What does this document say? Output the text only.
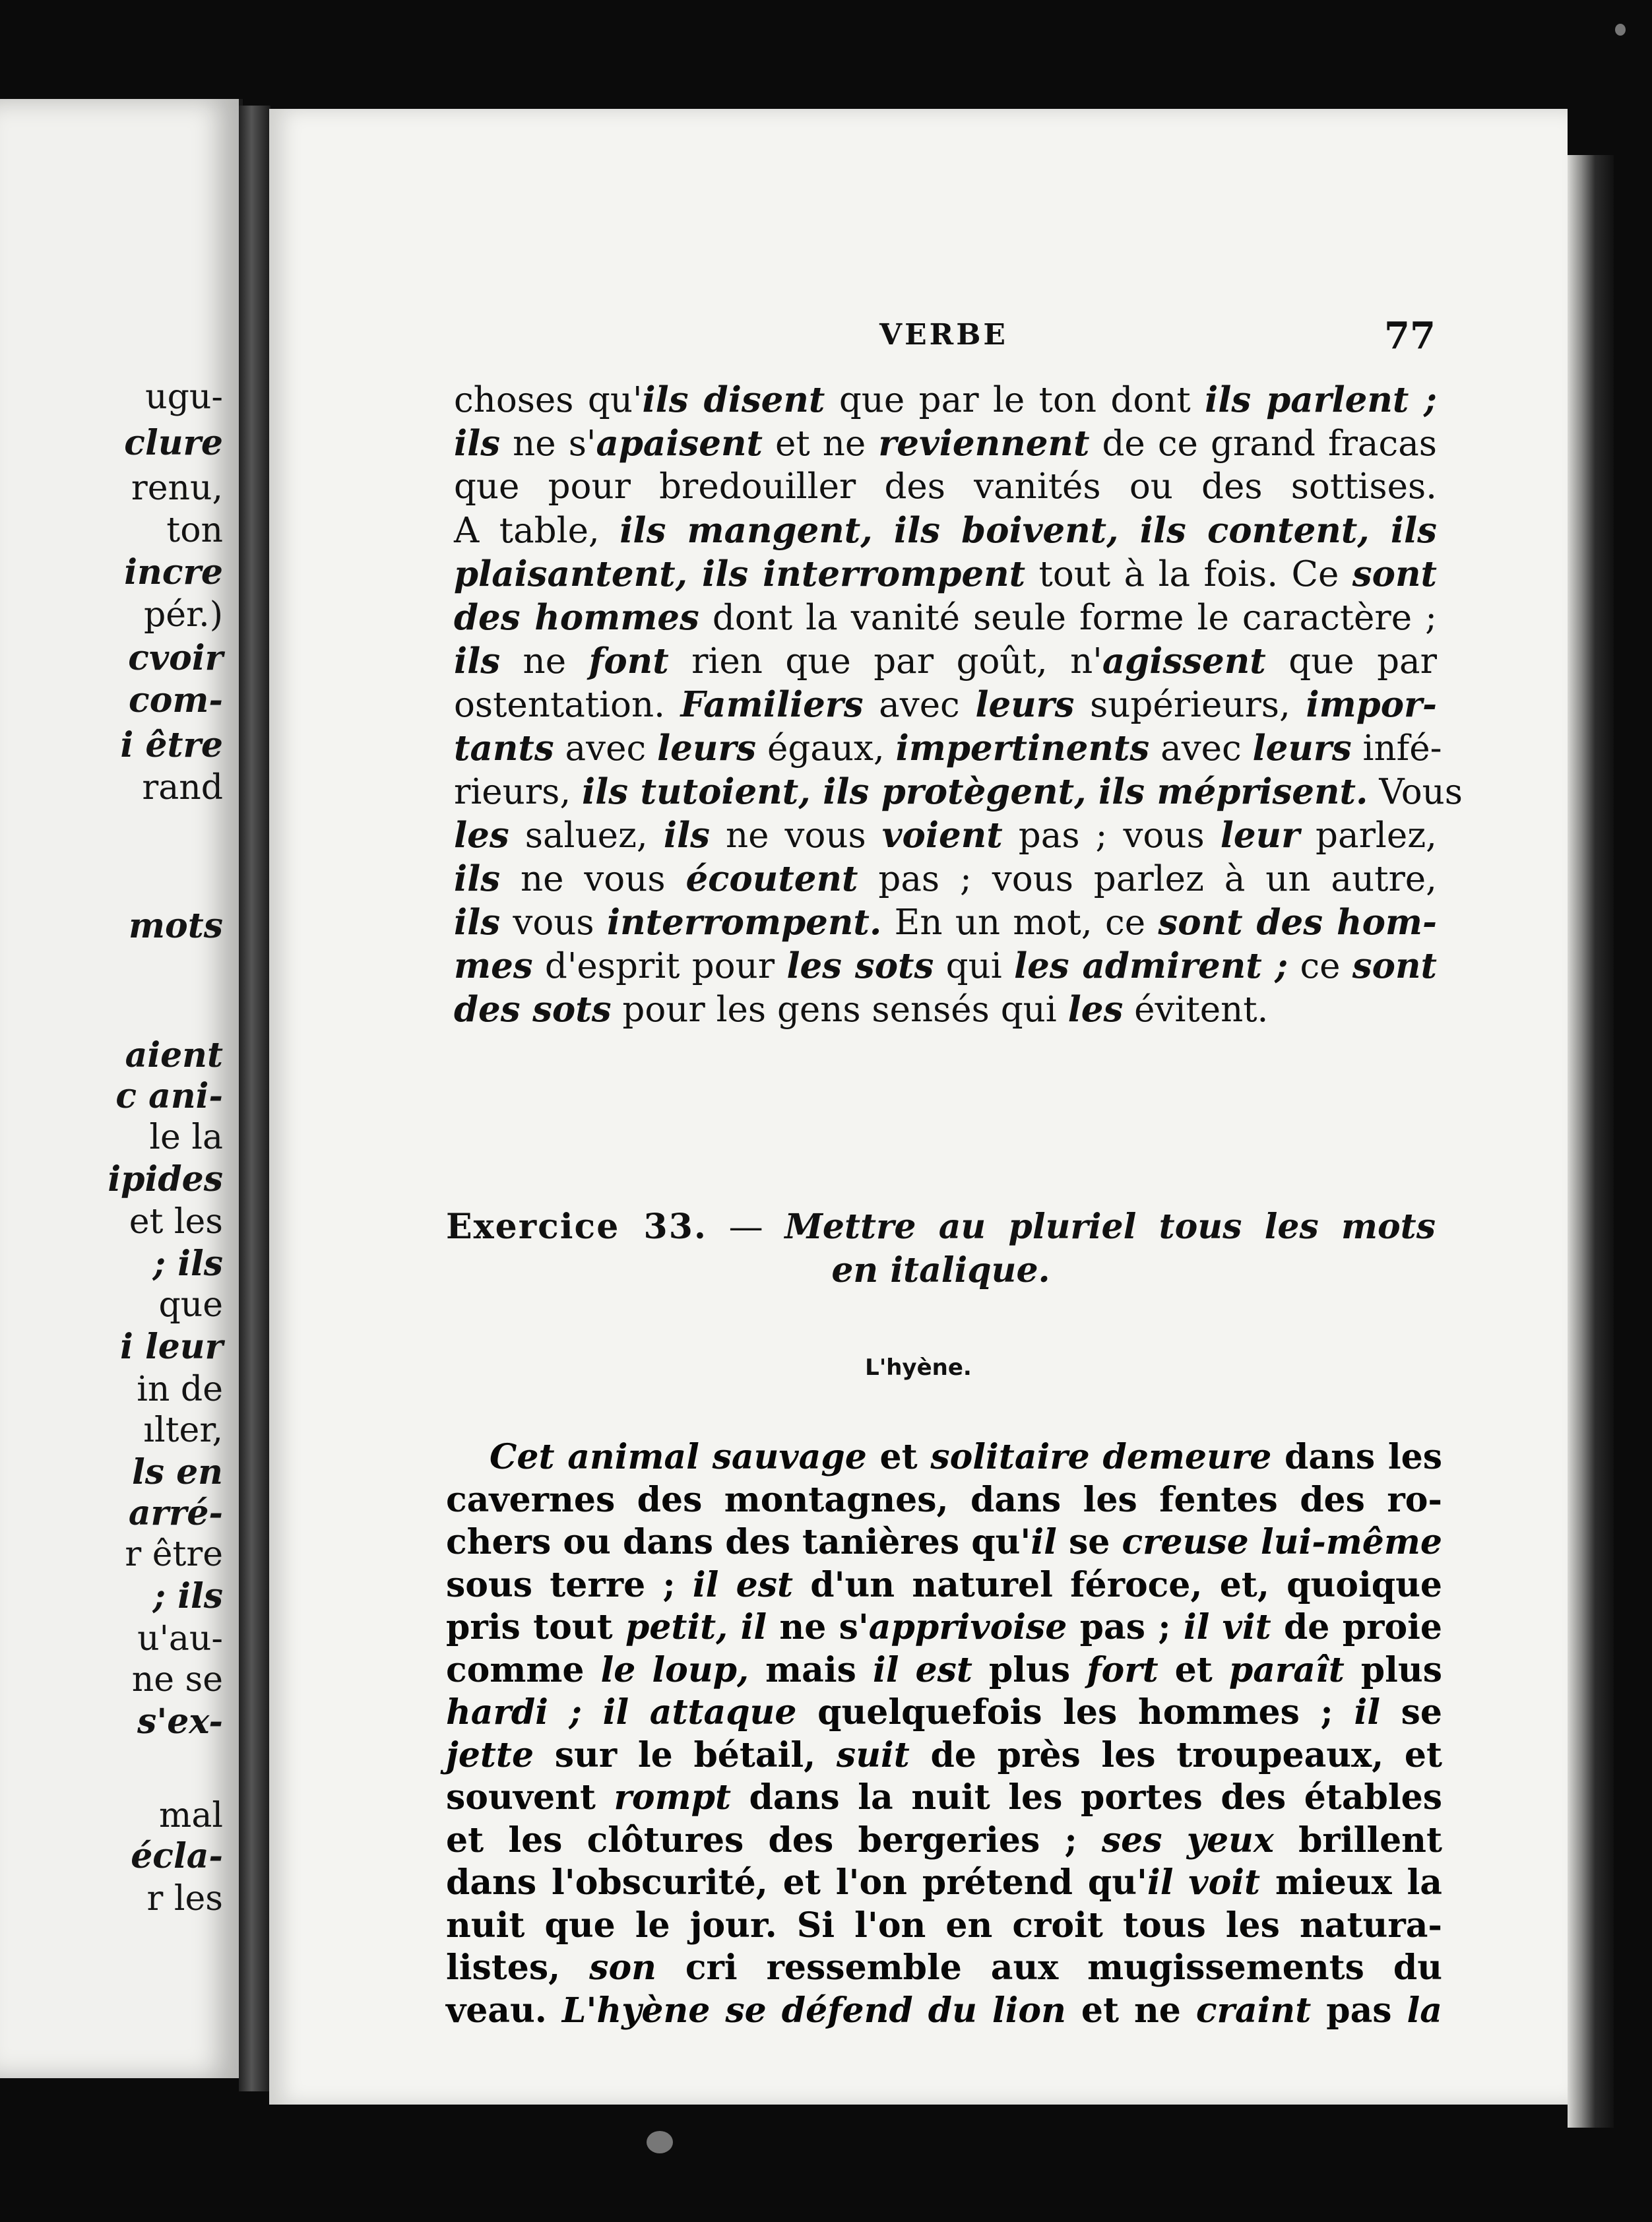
ugu-
clure
renu,
ton
incre
pér.)
cvoir
com-
i être
rand
mots
aient
c ani-
le la
ipides
et les
; ils
que
i leur
in de
ılter,
ls en
arré-
r être
; ils
u'au-
ne se
s'ex-
mal
écla-
r les
VERBE	77
choses qu'ils disent que par le ton dont ils parlent ;
ils ne s'apaisent et ne reviennent de ce grand fracas
que pour bredouiller des vanités ou des sottises.
A table, ils mangent, ils boivent, ils content, ils
plaisantent, ils interrompent tout à la fois. Ce sont
des hommes dont la vanité seule forme le caractère ;
ils ne font rien que par goût, n'agissent que par
ostentation. Familiers avec leurs supérieurs, impor-
tants avec leurs égaux, impertinents avec leurs infé-
rieurs, ils tutoient, ils protègent, ils méprisent. Vous
les saluez, ils ne vous voient pas ; vous leur parlez,
ils ne vous écoutent pas ; vous parlez à un autre,
ils vous interrompent. En un mot, ce sont des hom-
mes d'esprit pour les sots qui les admirent ; ce sont
des sots pour les gens sensés qui les évitent.
Exercice 33. — Mettre au pluriel tous les mots
en italique.
L'hyène.
Cet animal sauvage et solitaire demeure dans les
cavernes des montagnes, dans les fentes des ro-
chers ou dans des tanières qu'il se creuse lui-même
sous terre ; il est d'un naturel féroce, et, quoique
pris tout petit, il ne s'apprivoise pas ; il vit de proie
comme le loup, mais il est plus fort et paraît plus
hardi ; il attaque quelquefois les hommes ; il se
jette sur le bétail, suit de près les troupeaux, et
souvent rompt dans la nuit les portes des étables
et les clôtures des bergeries ; ses yeux brillent
dans l'obscurité, et l'on prétend qu'il voit mieux la
nuit que le jour. Si l'on en croit tous les natura-
listes, son cri ressemble aux mugissements du
veau. L'hyène se défend du lion et ne craint pas la
